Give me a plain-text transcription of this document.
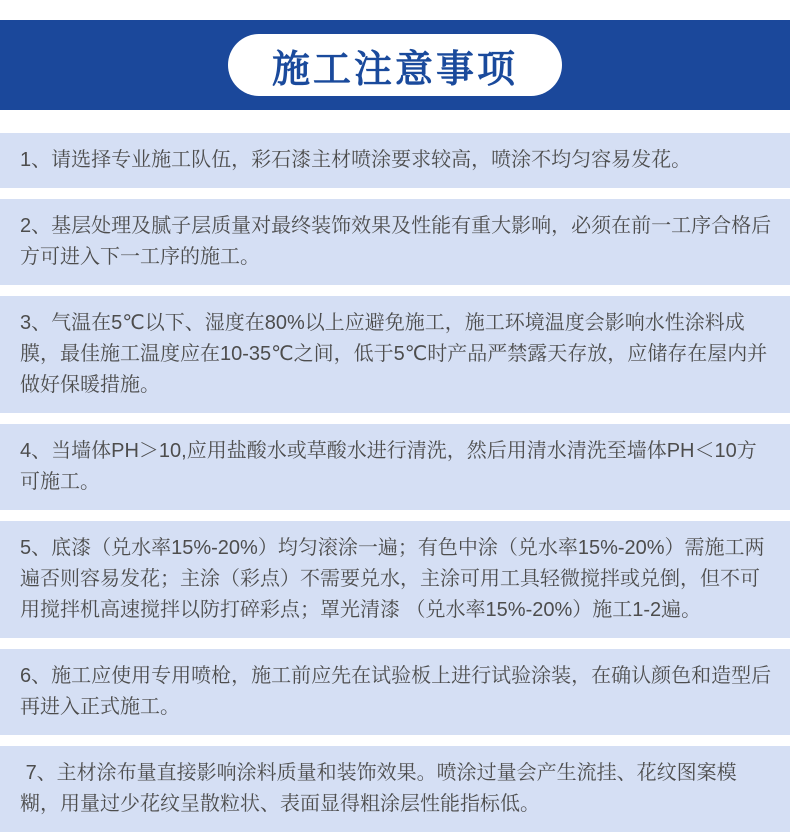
施工注意事项

1、请选择专业施工队伍，彩石漆主材喷涂要求较高，喷涂不均匀容易发花。

2、基层处理及腻子层质量对最终装饰效果及性能有重大影响，必须在前一工序合格后方可进入下一工序的施工。

3、气温在5℃以下、湿度在80%以上应避免施工，施工环境温度会影响水性涂料成膜，最佳施工温度应在10-35℃之间，低于5℃时产品严禁露天存放，应储存在屋内并做好保暖措施。

4、当墙体PH＞10,应用盐酸水或草酸水进行清洗，然后用清水清洗至墙体PH＜10方可施工。

5、底漆（兑水率15%-20%）均匀滚涂一遍；有色中涂（兑水率15%-20%）需施工两遍否则容易发花；主涂（彩点）不需要兑水，主涂可用工具轻微搅拌或兑倒，但不可用搅拌机高速搅拌以防打碎彩点；罩光清漆 （兑水率15%-20%）施工1-2遍。

6、施工应使用专用喷枪，施工前应先在试验板上进行试验涂装，在确认颜色和造型后再进入正式施工。

7、主材涂布量直接影响涂料质量和装饰效果。喷涂过量会产生流挂、花纹图案模糊，用量过少花纹呈散粒状、表面显得粗涂层性能指标低。
